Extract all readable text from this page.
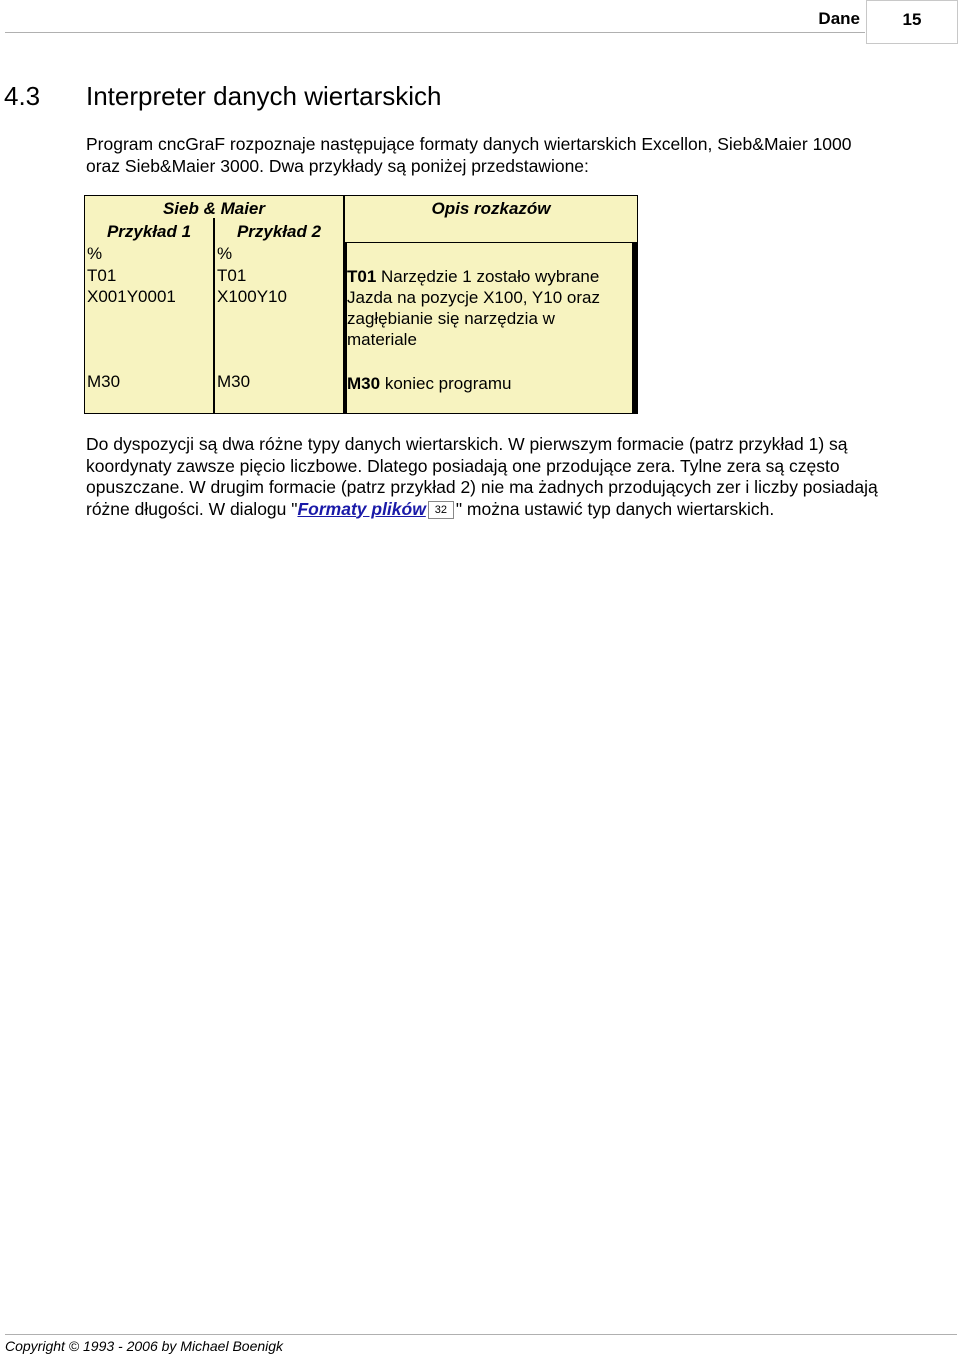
Dane	15
4.3 Interpreter danych wiertarskich
Program cncGraF rozpoznaje następujące formaty danych wiertarskich Excellon, Sieb&Maier 1000
oraz Sieb&Maier 3000. Dwa przykłady są poniżej przedstawione:
Sieb & Maier
Przykład 1	Przykład 2
Opis rozkazów
%
T01
X001Y0001
M30
%
T01
X100Y10
M30
T01 Narzędzie 1 zostało wybrane
Jazda na pozycje X100, Y10 oraz
zagłębianie się narzędzia w
materiale
M30 koniec programu
Do dyspozycji są dwa różne typy danych wiertarskich. W pierwszym formacie (patrz przykład 1) są
koordynaty zawsze pięcio liczbowe. Dlatego posiadają one przodujące zera. Tylne zera są często
opuszczane. W drugim formacie (patrz przykład 2) nie ma żadnych przodujących zer i liczby posiadają
różne długości. W dialogu "Formaty plików 32 " można ustawić typ danych wiertarskich.
Copyright © 1993 - 2006 by Michael Boenigk
